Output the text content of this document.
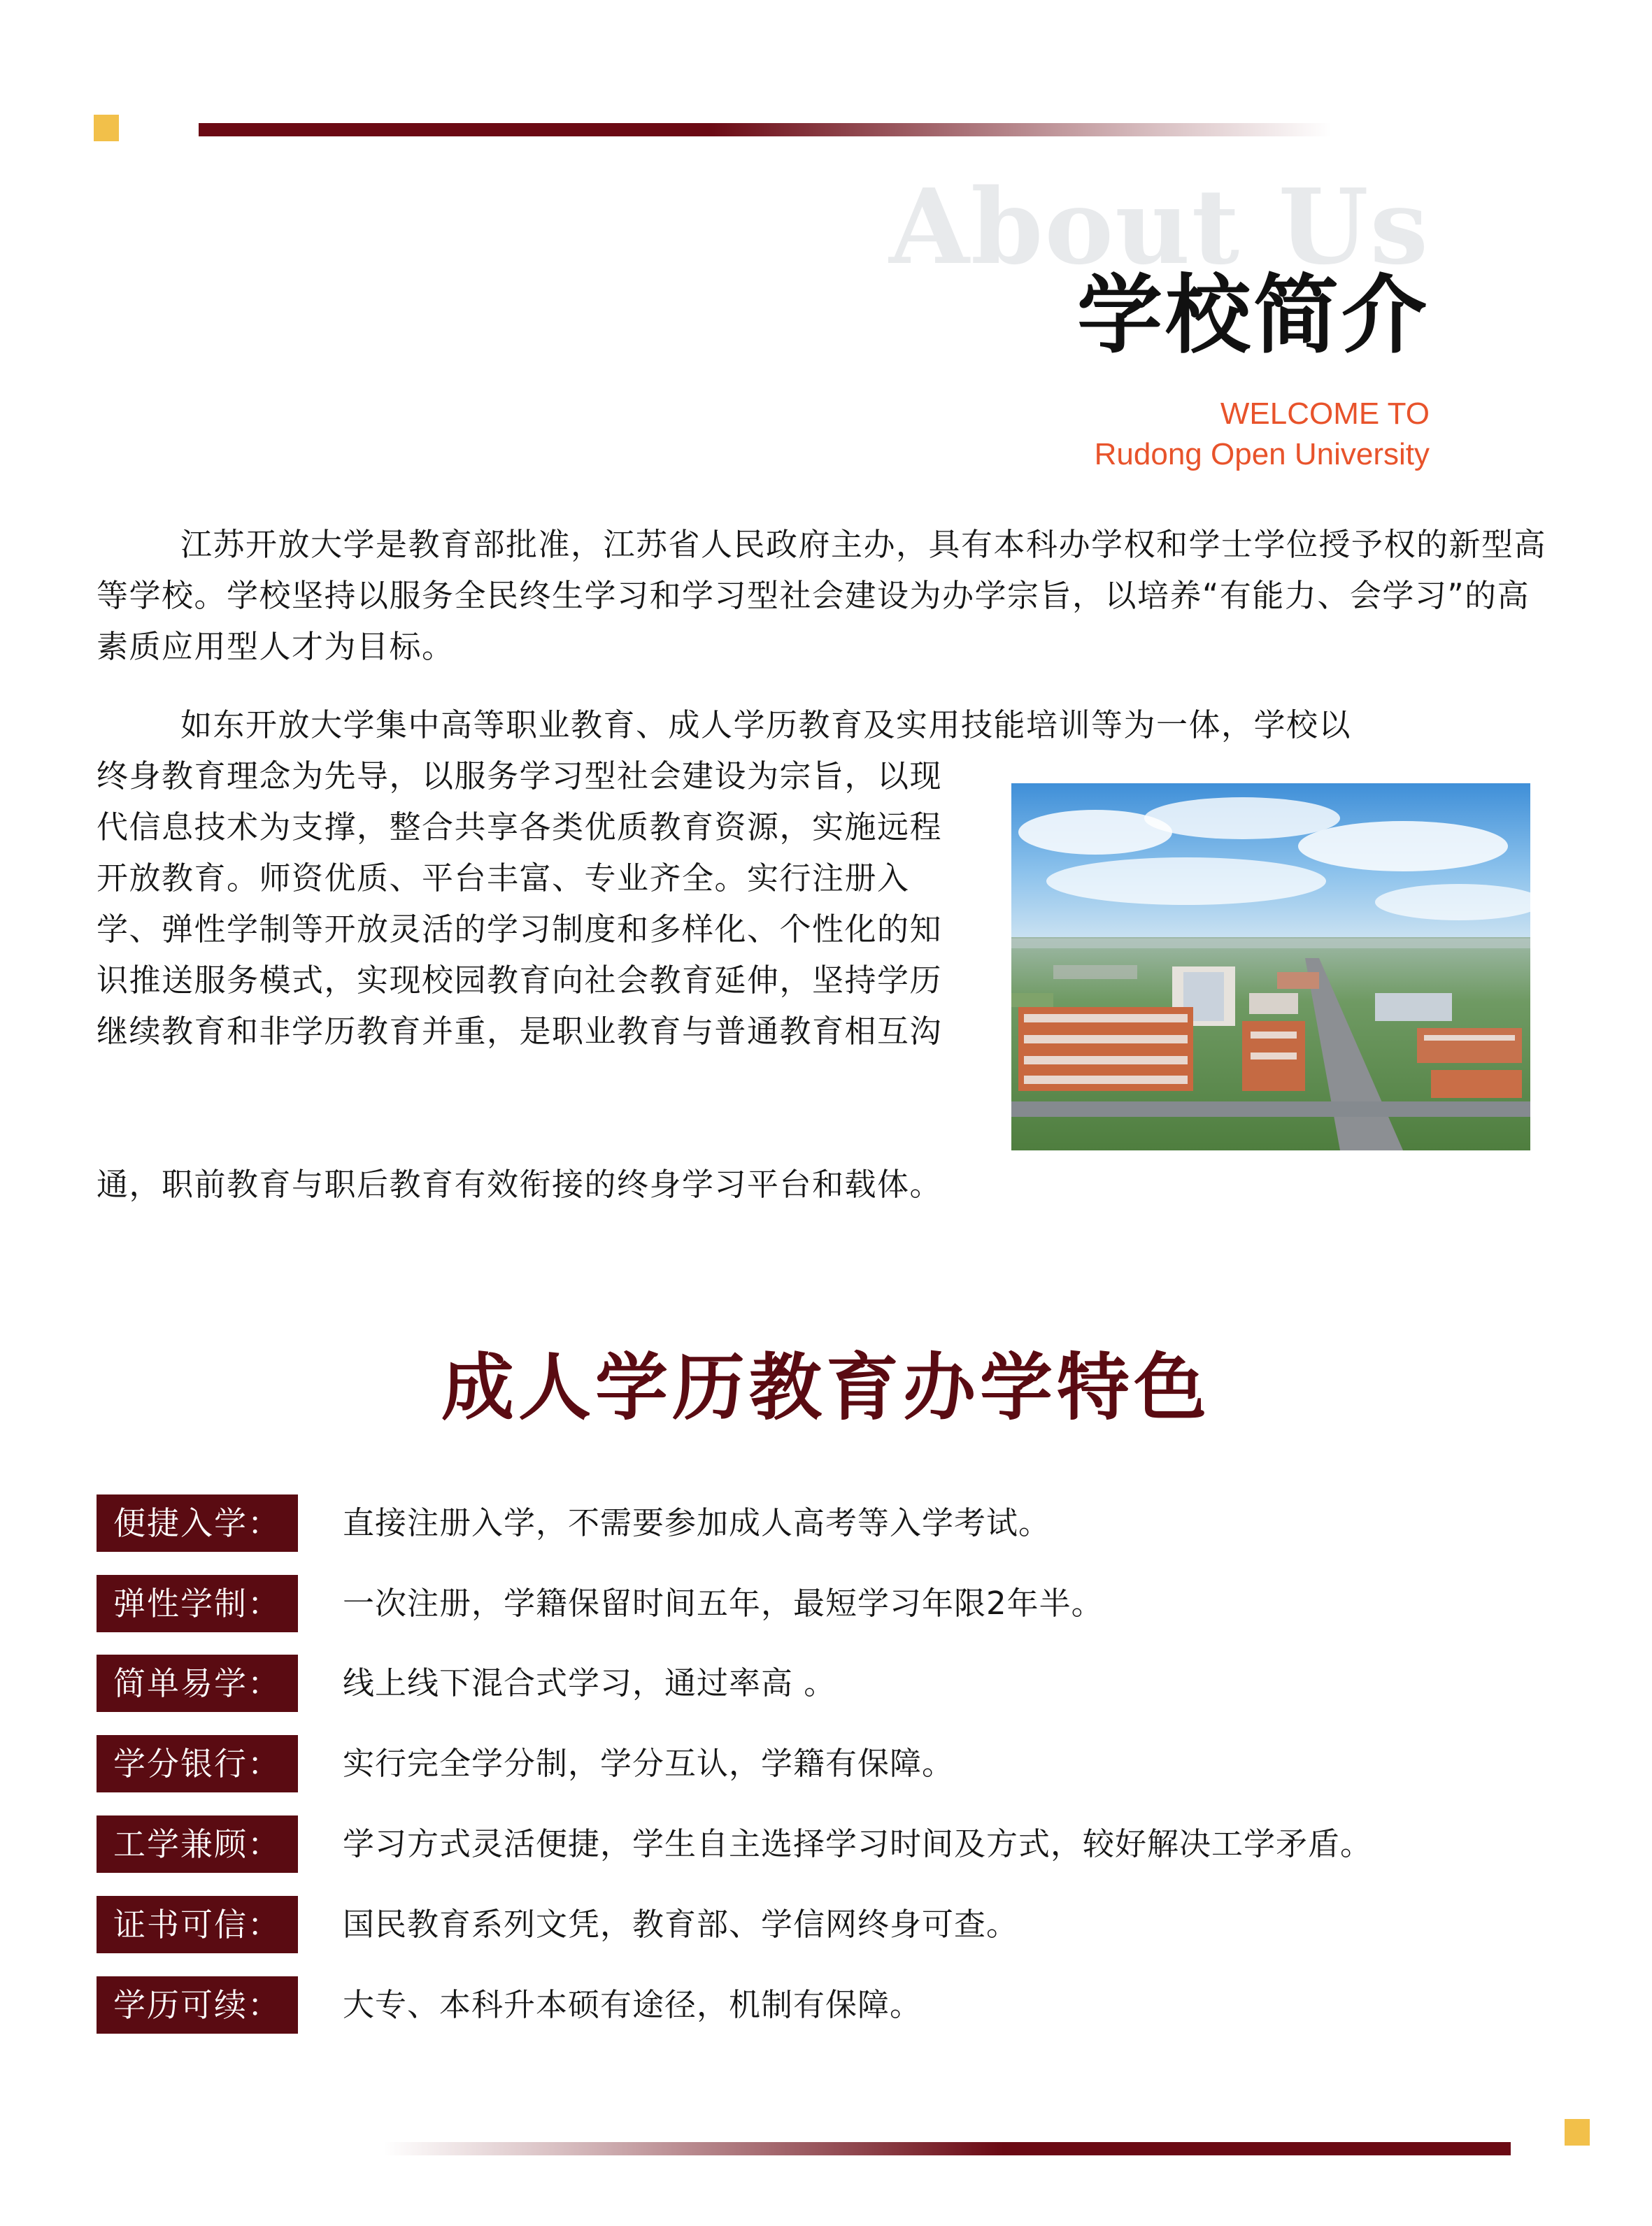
About Us
学校简介
WELCOME TO
Rudong Open University

江苏开放大学是教育部批准，江苏省人民政府主办，具有本科办学权和学士学位授予权的新型高等学校。学校坚持以服务全民终生学习和学习型社会建设为办学宗旨，以培养“有能力、会学习”的高素质应用型人才为目标。

如东开放大学集中高等职业教育、成人学历教育及实用技能培训等为一体，学校以

终身教育理念为先导，以服务学习型社会建设为宗旨，以现代信息技术为支撑，整合共享各类优质教育资源，实施远程开放教育。师资优质、平台丰富、专业齐全。实行注册入学、弹性学制等开放灵活的学习制度和多样化、个性化的知识推送服务模式，实现校园教育向社会教育延伸，坚持学历继续教育和非学历教育并重，是职业教育与普通教育相互沟

通，职前教育与职后教育有效衔接的终身学习平台和载体。

成人学历教育办学特色
便捷入学：	直接注册入学，不需要参加成人高考等入学考试。
弹性学制：	一次注册，学籍保留时间五年，最短学习年限2年半。
简单易学：	线上线下混合式学习，通过率高 。
学分银行：	实行完全学分制，学分互认，学籍有保障。
工学兼顾：	学习方式灵活便捷，学生自主选择学习时间及方式，较好解决工学矛盾。
证书可信：	国民教育系列文凭，教育部、学信网终身可查。
学历可续：	大专、本科升本硕有途径，机制有保障。
